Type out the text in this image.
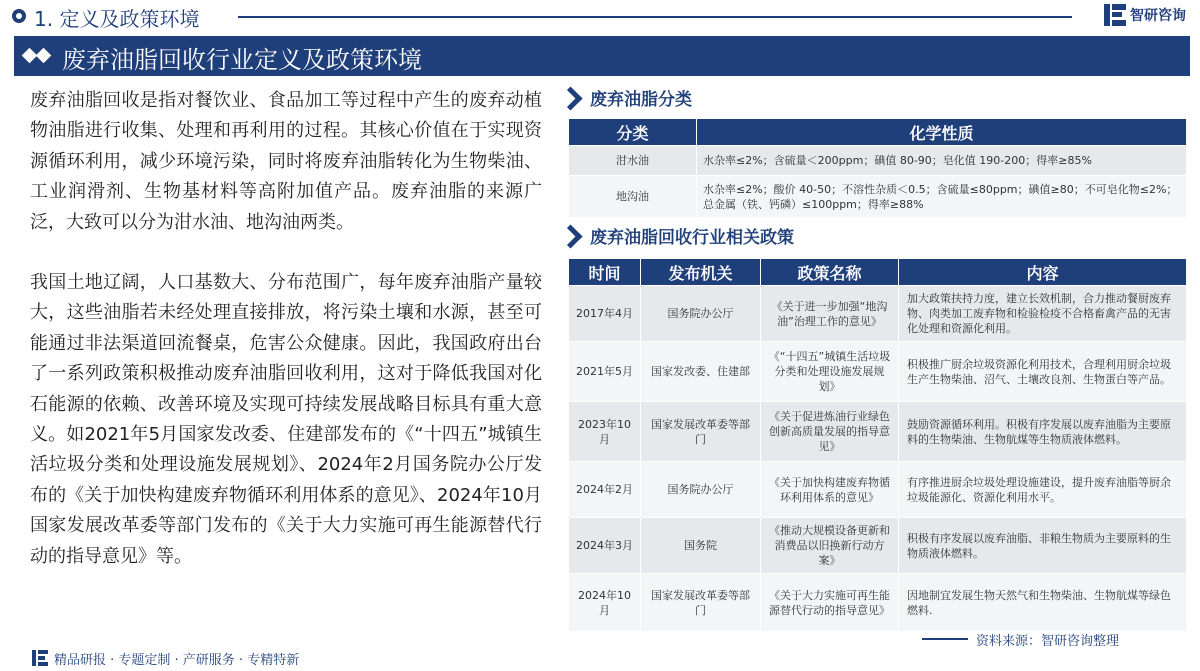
1. 定义及政策环境	智研咨询
废弃油脂回收行业定义及政策环境

废弃油脂回收是指对餐饮业、食品加工等过程中产生的废弃动植物油脂进行收集、处理和再利用的过程。其核心价值在于实现资源循环利用，减少环境污染，同时将废弃油脂转化为生物柴油、工业润滑剂、生物基材料等高附加值产品。废弃油脂的来源广泛，大致可以分为泔水油、地沟油两类。

我国土地辽阔，人口基数大、分布范围广，每年废弃油脂产量较大，这些油脂若未经处理直接排放，将污染土壤和水源，甚至可能通过非法渠道回流餐桌，危害公众健康。因此，我国政府出台了一系列政策积极推动废弃油脂回收利用，这对于降低我国对化石能源的依赖、改善环境及实现可持续发展战略目标具有重大意义。如2021年5月国家发改委、住建部发布的《“十四五”城镇生活垃圾分类和处理设施发展规划》、2024年2月国务院办公厅发布的《关于加快构建废弃物循环利用体系的意见》、2024年10月国家发展改革委等部门发布的《关于大力实施可再生能源替代行动的指导意见》等。

废弃油脂分类
分类	化学性质
泔水油	水杂率≤2%；含硫量＜200ppm；碘值 80-90；皂化值 190-200；得率≥85%
地沟油	水杂率≤2%；酸价 40-50；不溶性杂质＜0.5；含硫量≤80ppm；碘值≥80；不可皂化物≤2%；总金属（铁、钙磷）≤100ppm；得率≥88%
废弃油脂回收行业相关政策
时间	发布机关	政策名称	内容
2017年4月	国务院办公厅	《关于进一步加强“地沟油”治理工作的意见》	加大政策扶持力度，建立长效机制，合力推动餐厨废弃物、肉类加工废弃物和检验检疫不合格畜禽产品的无害化处理和资源化利用。
2021年5月	国家发改委、住建部	《“十四五”城镇生活垃圾分类和处理设施发展规划》	积极推广厨余垃圾资源化利用技术，合理利用厨余垃圾生产生物柴油、沼气、土壤改良剂、生物蛋白等产品。
2023年10月	国家发展改革委等部门	《关于促进炼油行业绿色创新高质量发展的指导意见》	鼓励资源循环利用。积极有序发展以废弃油脂为主要原料的生物柴油、生物航煤等生物质液体燃料。
2024年2月	国务院办公厅	《关于加快构建废弃物循环利用体系的意见》	有序推进厨余垃圾处理设施建设，提升废弃油脂等厨余垃圾能源化、资源化利用水平。
2024年3月	国务院	《推动大规模设备更新和消费品以旧换新行动方案》	积极有序发展以废弃油脂、非粮生物质为主要原料的生物质液体燃料。
2024年10月	国家发展改革委等部门	《关于大力实施可再生能源替代行动的指导意见》	因地制宜发展生物天然气和生物柴油、生物航煤等绿色燃料.
资料来源：智研咨询整理
精品研报 · 专题定制 · 产研服务 · 专精特新
